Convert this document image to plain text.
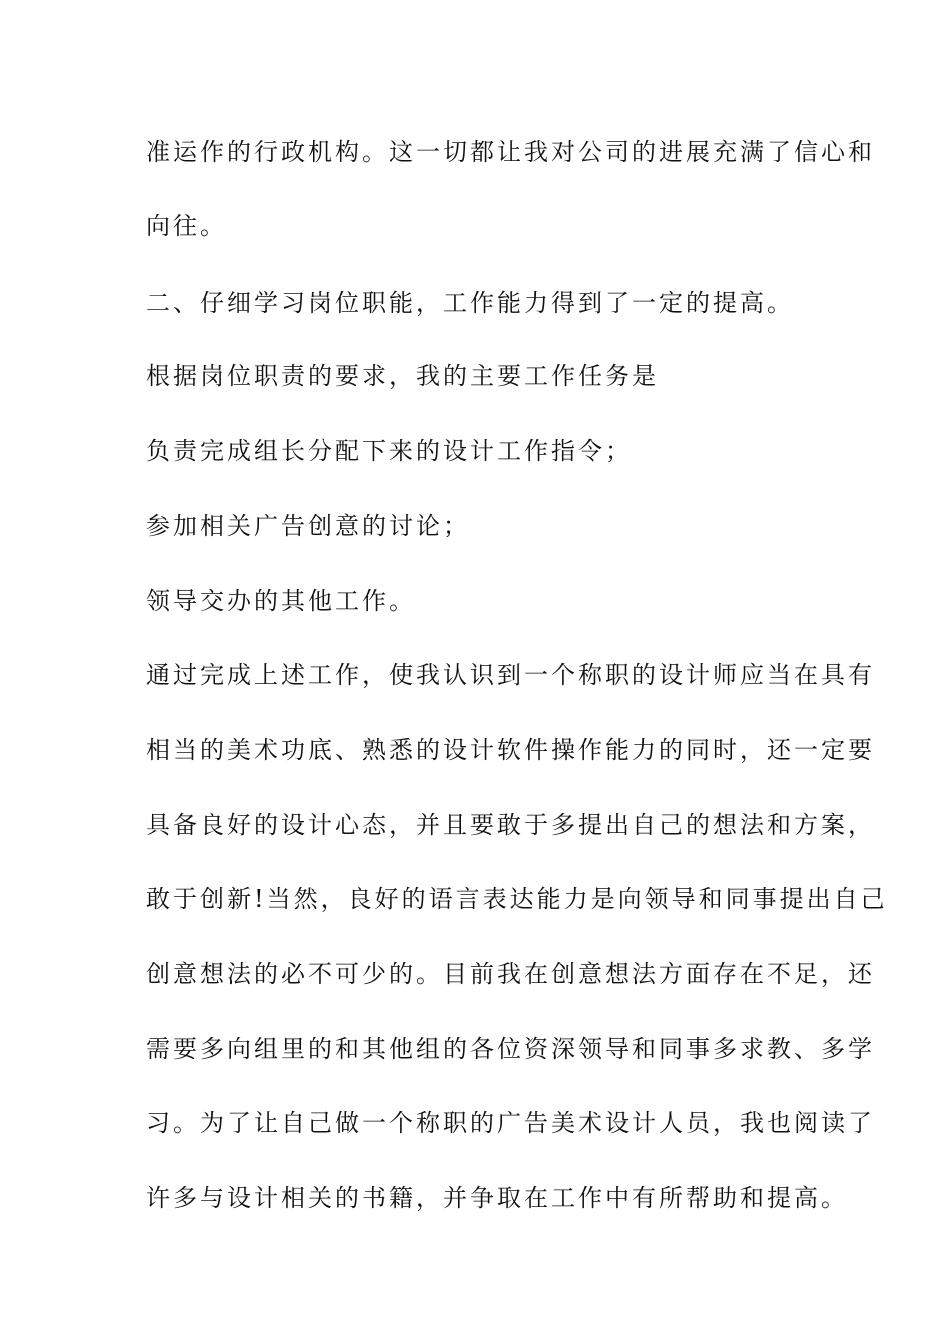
准运作的行政机构。这一切都让我对公司的进展充满了信心和
向往。
二、仔细学习岗位职能，工作能力得到了一定的提高。
根据岗位职责的要求，我的主要工作任务是
负责完成组长分配下来的设计工作指令；
参加相关广告创意的讨论；
领导交办的其他工作。
通过完成上述工作，使我认识到一个称职的设计师应当在具有
相当的美术功底、熟悉的设计软件操作能力的同时，还一定要
具备良好的设计心态，并且要敢于多提出自己的想法和方案，
敢于创新!当然，良好的语言表达能力是向领导和同事提出自己
创意想法的必不可少的。目前我在创意想法方面存在不足，还
需要多向组里的和其他组的各位资深领导和同事多求教、多学
习。为了让自己做一个称职的广告美术设计人员，我也阅读了
许多与设计相关的书籍，并争取在工作中有所帮助和提高。
